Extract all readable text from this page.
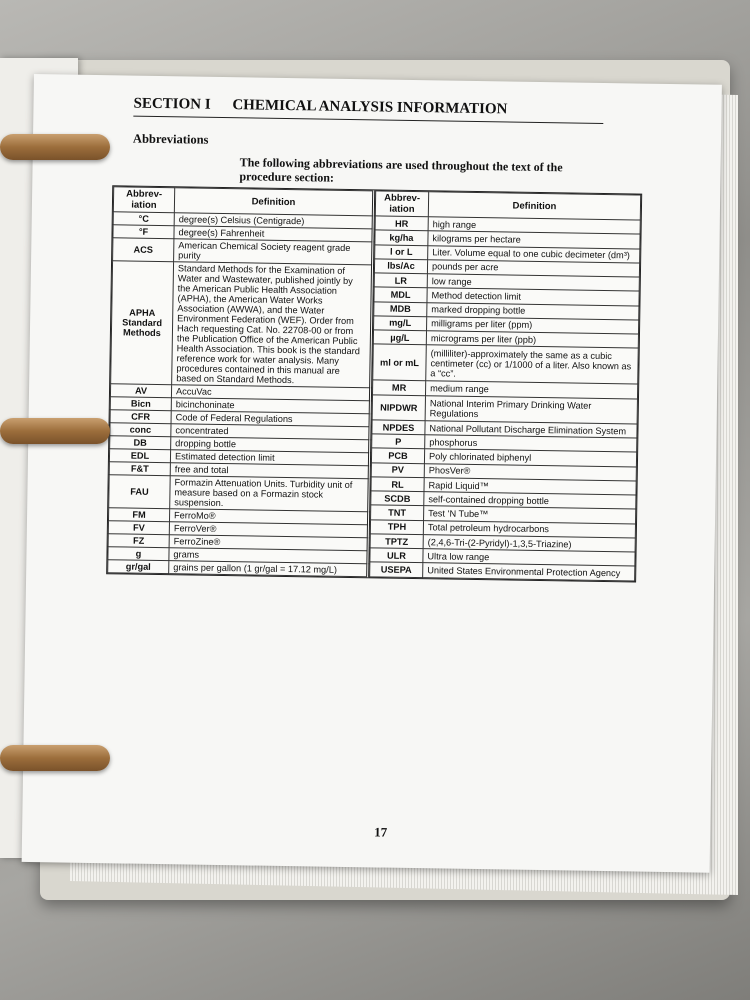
SECTION I CHEMICAL ANALYSIS INFORMATION
Abbreviations
The following abbreviations are used throughout the text of the procedure section:
Abbrev-iation	Definition
°C	degree(s) Celsius (Centigrade)
°F	degree(s) Fahrenheit
ACS	American Chemical Society reagent grade purity
APHA Standard Methods	Standard Methods for the Examination of Water and Wastewater, published jointly by the American Public Health Association (APHA), the American Water Works Association (AWWA), and the Water Environment Federation (WEF). Order from Hach requesting Cat. No. 22708-00 or from the Publication Office of the American Public Health Association. This book is the standard reference work for water analysis. Many procedures contained in this manual are based on Standard Methods.
AV	AccuVac
Bicn	bicinchoninate
CFR	Code of Federal Regulations
conc	concentrated
DB	dropping bottle
EDL	Estimated detection limit
F&T	free and total
FAU	Formazin Attenuation Units. Turbidity unit of measure based on a Formazin stock suspension.
FM	FerroMo®
FV	FerroVer®
FZ	FerroZine®
g	grams
gr/gal	grains per gallon (1 gr/gal = 17.12 mg/L)
Abbrev-iation	Definition
HR	high range
kg/ha	kilograms per hectare
l or L	Liter. Volume equal to one cubic decimeter (dm³)
lbs/Ac	pounds per acre
LR	low range
MDL	Method detection limit
MDB	marked dropping bottle
mg/L	milligrams per liter (ppm)
µg/L	micrograms per liter (ppb)
ml or mL	(milliliter)-approximately the same as a cubic centimeter (cc) or 1/1000 of a liter. Also known as a “cc”.
MR	medium range
NIPDWR	National Interim Primary Drinking Water Regulations
NPDES	National Pollutant Discharge Elimination System
P	phosphorus
PCB	Poly chlorinated biphenyl
PV	PhosVer®
RL	Rapid Liquid™
SCDB	self-contained dropping bottle
TNT	Test ‘N Tube™
TPH	Total petroleum hydrocarbons
TPTZ	(2,4,6-Tri-(2-Pyridyl)-1,3,5-Triazine)
ULR	Ultra low range
USEPA	United States Environmental Protection Agency
17
